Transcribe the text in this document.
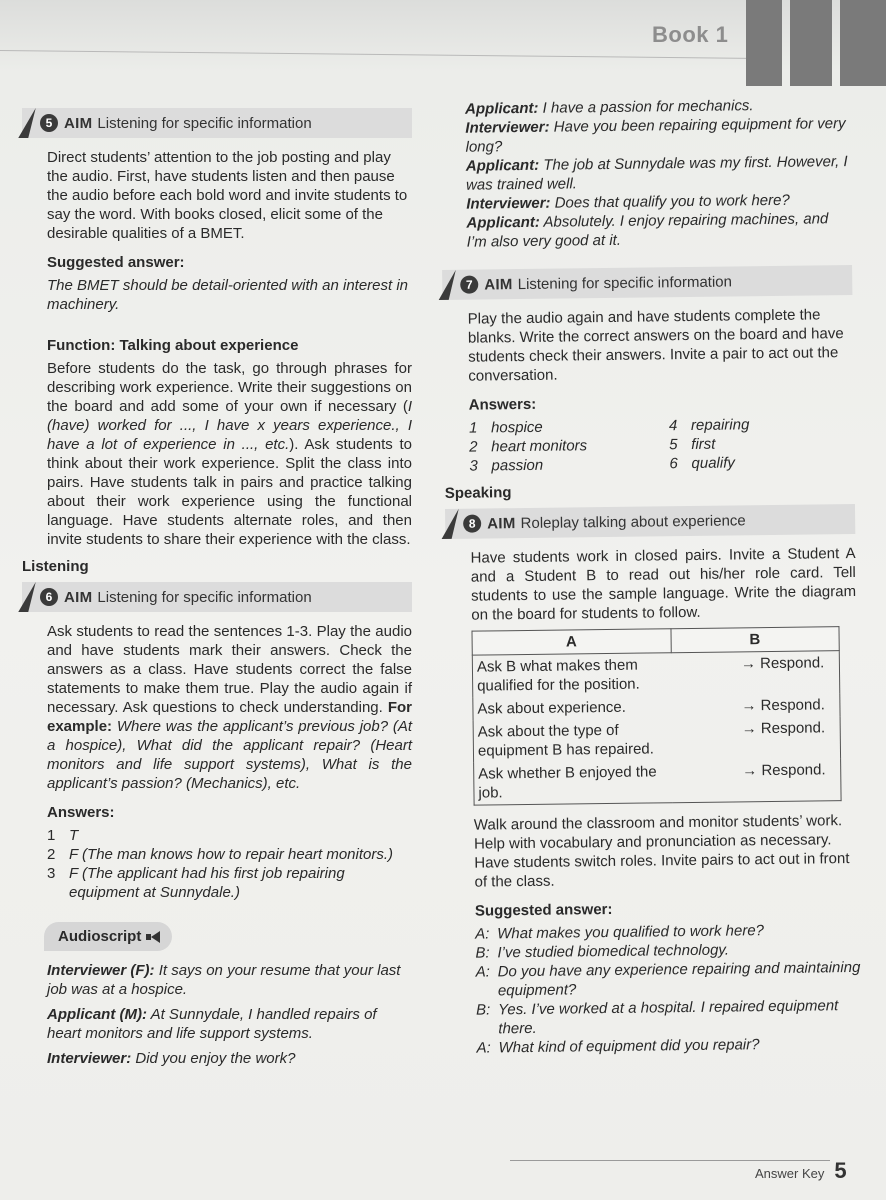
Book 1
5 AIM Listening for specific information

Direct students’ attention to the job posting and play the audio. First, have students listen and then pause the audio before each bold word and invite students to say the word. With books closed, elicit some of the desirable qualities of a BMET.

Suggested answer:

The BMET should be detail-oriented with an interest in machinery.

Function: Talking about experience

Before students do the task, go through phrases for describing work experience. Write their suggestions on the board and add some of your own if necessary (I (have) worked for ..., I have x years experience., I have a lot of experience in ..., etc.). Ask students to think about their work experience. Split the class into pairs. Have students talk in pairs and practice talking about their work experience using the functional language. Have students alternate roles, and then invite students to share their experience with the class.

Listening
6 AIM Listening for specific information

Ask students to read the sentences 1-3. Play the audio and have students mark their answers. Check the answers as a class. Have students correct the false statements to make them true. Play the audio again if necessary. Ask questions to check understanding. For example: Where was the applicant’s previous job? (At a hospice), What did the applicant repair? (Heart monitors and life support systems), What is the applicant’s passion? (Mechanics), etc.

Answers:
1 T
2 F (The man knows how to repair heart monitors.)
3 F (The applicant had his first job repairing equipment at Sunnydale.)
Audioscript

Interviewer (F): It says on your resume that your last job was at a hospice.

Applicant (M): At Sunnydale, I handled repairs of heart monitors and life support systems.

Interviewer: Did you enjoy the work?

Applicant: I have a passion for mechanics.
Interviewer: Have you been repairing equipment for very long?
Applicant: The job at Sunnydale was my first. However, I was trained well.
Interviewer: Does that qualify you to work here?
Applicant: Absolutely. I enjoy repairing machines, and I’m also very good at it.
7 AIM Listening for specific information

Play the audio again and have students complete the blanks. Write the correct answers on the board and have students check their answers. Invite a pair to act out the conversation.

Answers:
1 hospice	4 repairing
2 heart monitors	5 first
3 passion	6 qualify
Speaking
8 AIM Roleplay talking about experience

Have students work in closed pairs. Invite a Student A and a Student B to read out his/her role card. Tell students to use the sample language. Write the diagram on the board for students to follow.

A	B
Ask B what makes them qualified for the position.	→ Respond.
Ask about experience.	→ Respond.
Ask about the type of equipment B has repaired.	→ Respond.
Ask whether B enjoyed the job.	→ Respond.

Walk around the classroom and monitor students’ work. Help with vocabulary and pronunciation as necessary. Have students switch roles. Invite pairs to act out in front of the class.

Suggested answer:
A: What makes you qualified to work here?
B: I’ve studied biomedical technology.
A: Do you have any experience repairing and maintaining equipment?
B: Yes. I’ve worked at a hospital. I repaired equipment there.
A: What kind of equipment did you repair?
Answer Key 5
